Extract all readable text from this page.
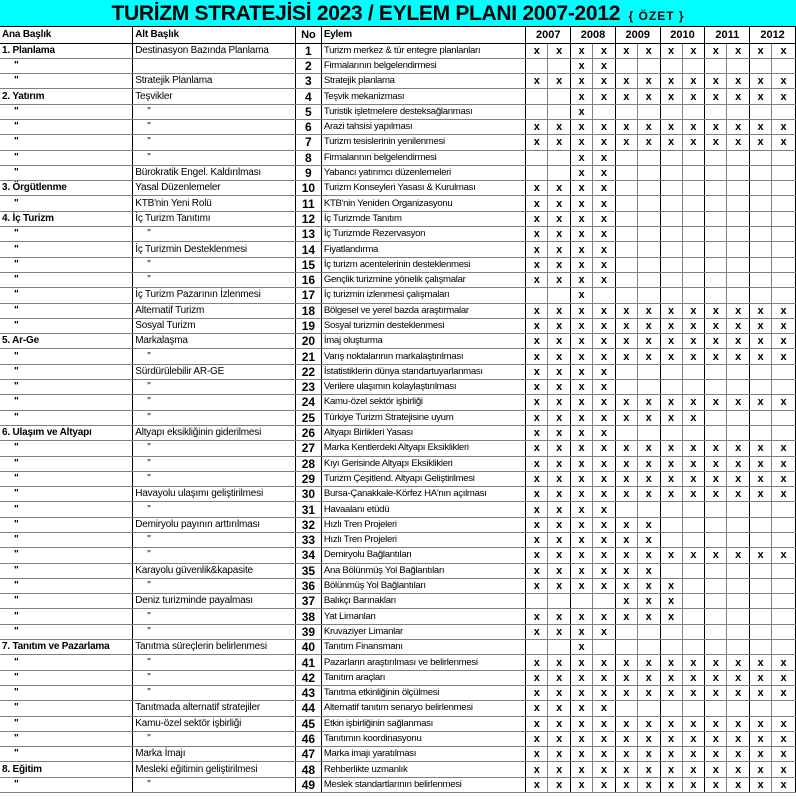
TURİZM STRATEJİSİ 2023 / EYLEM PLANI 2007-2012 { ÖZET }
Ana Başlık	Alt Başlık	No	Eylem	2007		2008		2009		2010		2011		2012	
1. Planlama	Destinasyon Bazında Planlama	1	Turizm merkez & tür entegre planlanları	x	x	x	x	x	x	x	x	x	x	x	x
"		2	Firmalarının belgelendirmesi			x	x								
"	Stratejik Planlama	3	Stratejik planlama	x	x	x	x	x	x	x	x	x	x	x	x
2. Yatırım	Teşvikler	4	Teşvik mekanizması			x	x	x	x	x	x	x	x	x	x
"	"	5	Turistik işletmelere desteksağlanması			x									
"	"	6	Arazi tahsisi yapılması	x	x	x	x	x	x	x	x	x	x	x	x
"	"	7	Turizm tesislerinin yenilenmesi	x	x	x	x	x	x	x	x	x	x	x	x
"	"	8	Firmalarının belgelendirmesi			x	x								
"	Bürokratik Engel. Kaldırılması	9	Yabancı yatırımcı düzenlemeleri			x	x								
3. Örgütlenme	Yasal Düzenlemeler	10	Turizm Konseyleri Yasası & Kurulması	x	x	x	x								
"	KTB'nin Yeni Rolü	11	KTB'nin Yeniden Organizasyonu	x	x	x	x								
4. İç Turizm	İç Turizm Tanıtımı	12	İç Turizmde Tanıtım	x	x	x	x								
"	"	13	İç Turizmde Rezervasyon	x	x	x	x								
"	İç Turizmin Desteklenmesi	14	Fiyatlandırma	x	x	x	x								
"	"	15	İç turizm acentelerinin desteklenmesi	x	x	x	x								
"	"	16	Gençlik turizmine yönelik çalışmalar	x	x	x	x								
"	İç Turizm Pazarının İzlenmesi	17	İç turizmin izlenmesi çalışmaları			x									
"	Alternatif Turizm	18	Bölgesel ve yerel bazda araştırmalar	x	x	x	x	x	x	x	x	x	x	x	x
"	Sosyal Turizm	19	Sosyal turizmin desteklenmesi	x	x	x	x	x	x	x	x	x	x	x	x
5. Ar-Ge	Markalaşma	20	İmaj oluşturma	x	x	x	x	x	x	x	x	x	x	x	x
"	"	21	Varış noktalarının markalaştırılması	x	x	x	x	x	x	x	x	x	x	x	x
"	Sürdürülebilir AR-GE	22	İstatistiklerin dünya standartuyarlanması	x	x	x	x								
"	"	23	Verilere ulaşımın kolaylaştırılması	x	x	x	x								
"	"	24	Kamu-özel sektör işbirliği	x	x	x	x	x	x	x	x	x	x	x	x
"	"	25	Türkiye Turizm Stratejisine uyum	x	x	x	x	x	x	x	x				
6. Ulaşım ve Altyapı	Altyapı eksikliğinin giderilmesi	26	Altyapı Birlikleri Yasası	x	x	x	x								
"	"	27	Marka Kentlerdeki Altyapı Eksiklikleri	x	x	x	x	x	x	x	x	x	x	x	x
"	"	28	Kıyı Gerisinde Altyapı Eksiklikleri	x	x	x	x	x	x	x	x	x	x	x	x
"	"	29	Turizm Çeşitlend. Altyapı Geliştirilmesi	x	x	x	x	x	x	x	x	x	x	x	x
"	Havayolu ulaşımı geliştirilmesi	30	Bursa-Çanakkale-Körfez HA'nın açılması	x	x	x	x	x	x	x	x	x	x	x	x
"	"	31	Havaalanı etüdü	x	x	x	x								
"	Demiryolu payının arttırılması	32	Hızlı Tren Projeleri	x	x	x	x	x	x						
"	"	33	Hızlı Tren Projeleri	x	x	x	x	x	x						
"	"	34	Demiryolu Bağlantıları	x	x	x	x	x	x	x	x	x	x	x	x
"	Karayolu güvenlik&kapasite	35	Ana Bölünmüş Yol Bağlantıları	x	x	x	x	x	x						
"	"	36	Bölünmüş Yol Bağlantıları	x	x	x	x	x	x	x					
"	Deniz turizminde payalması	37	Balıkçı Barınakları					x	x	x					
"	"	38	Yat Limanları	x	x	x	x	x	x	x					
"	"	39	Kruvaziyer Limanlar	x	x	x	x								
7. Tanıtım ve Pazarlama	Tanıtma süreçlerin belirlenmesi	40	Tanıtım Finansmanı			x									
"	"	41	Pazarların araştırılması ve belirlenmesi	x	x	x	x	x	x	x	x	x	x	x	x
"	"	42	Tanıtım araçları	x	x	x	x	x	x	x	x	x	x	x	x
"	"	43	Tanıtma etkinliğinin ölçülmesi	x	x	x	x	x	x	x	x	x	x	x	x
"	Tanıtmada alternatif stratejiler	44	Alternatif tanıtım senaryo belirlenmesi	x	x	x	x								
"	Kamu-özel sektör işbirliği	45	Etkin işbirliğinin sağlanması	x	x	x	x	x	x	x	x	x	x	x	x
"	"	46	Tanıtımın koordinasyonu	x	x	x	x	x	x	x	x	x	x	x	x
"	Marka İmajı	47	Marka imajı yaratılması	x	x	x	x	x	x	x	x	x	x	x	x
8. Eğitim	Mesleki eğitimin geliştirilmesi	48	Rehberlikte uzmanlık	x	x	x	x	x	x	x	x	x	x	x	x
"	"	49	Meslek standartlarının belirlenmesi	x	x	x	x	x	x	x	x	x	x	x	x
